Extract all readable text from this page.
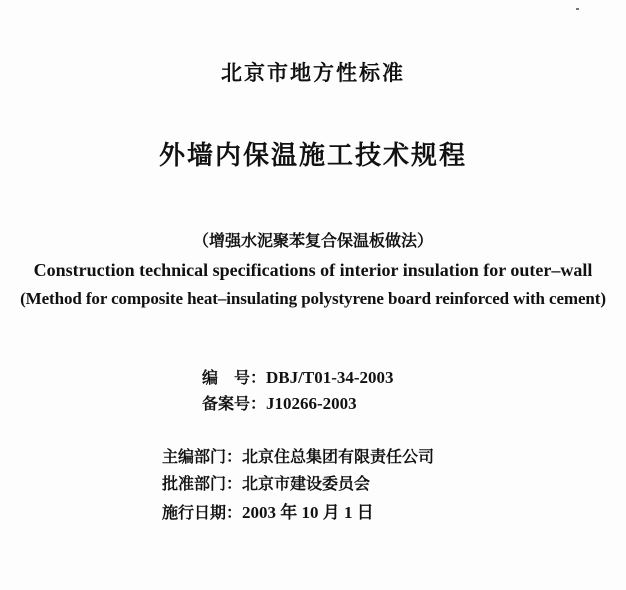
北京市地方性标准
外墙内保温施工技术规程
（增强水泥聚苯复合保温板做法）
Construction technical specifications of interior insulation for outer–wall
(Method for composite heat–insulating polystyrene board reinforced with cement)
编　号：DBJ/T01-34-2003
备案号：J10266-2003
主编部门：北京住总集团有限责任公司
批准部门：北京市建设委员会
施行日期：2003 年 10 月 1 日
